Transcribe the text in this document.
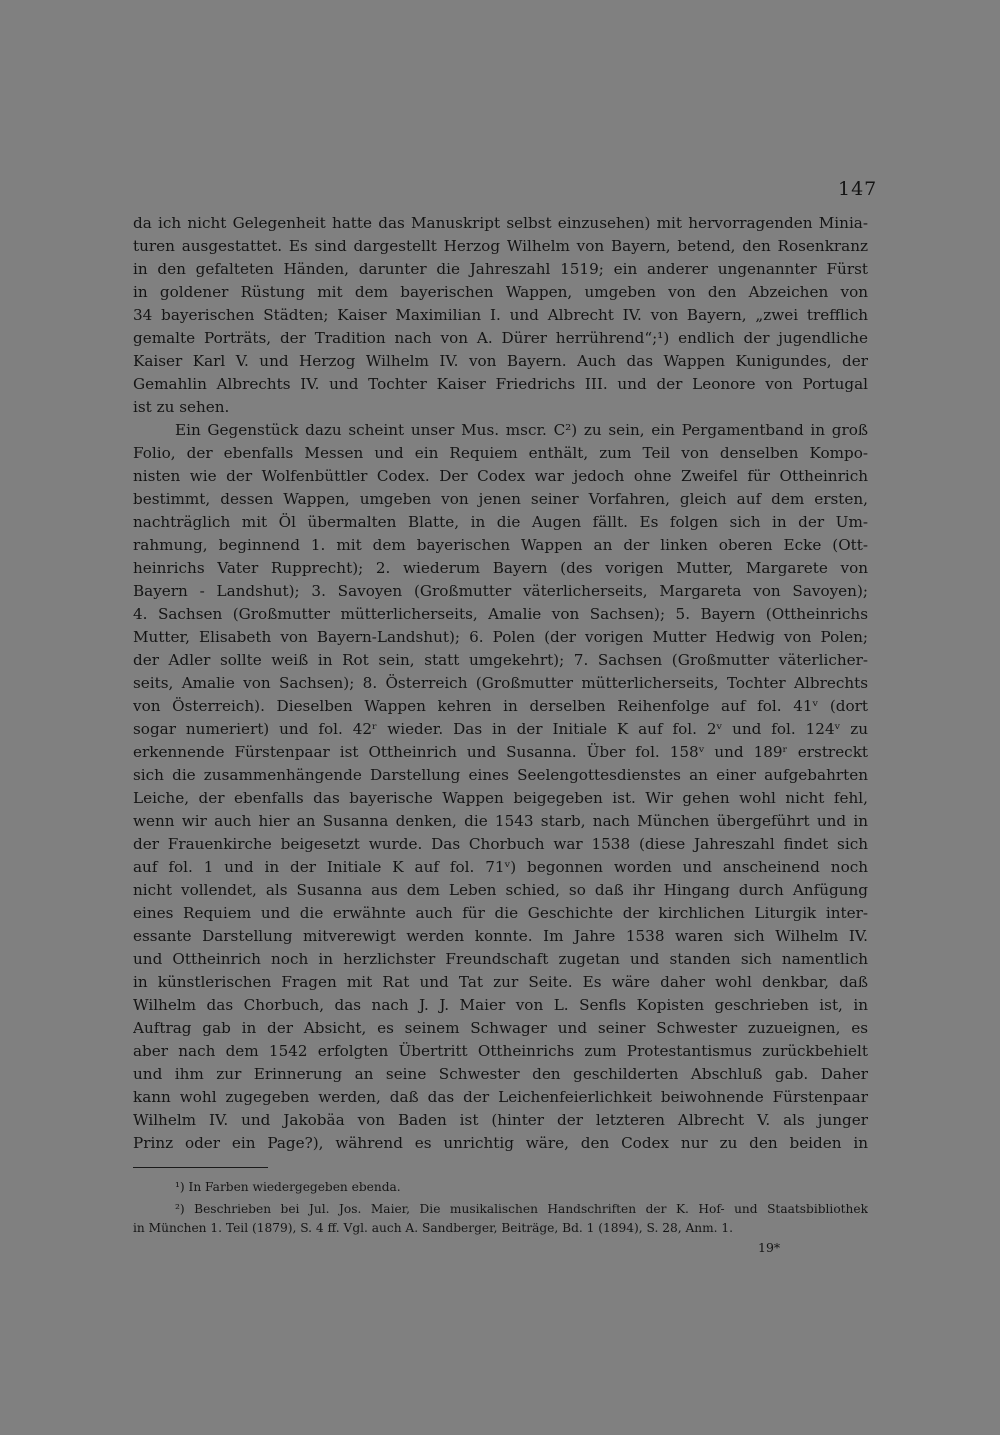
147
da ich nicht Gelegenheit hatte das Manuskript selbst einzusehen) mit hervorragenden Minia-
turen ausgestattet. Es sind dargestellt Herzog Wilhelm von Bayern, betend, den Rosenkranz
in den gefalteten Händen, darunter die Jahreszahl 1519; ein anderer ungenannter Fürst
in goldener Rüstung mit dem bayerischen Wappen, umgeben von den Abzeichen von
34 bayerischen Städten; Kaiser Maximilian I. und Albrecht IV. von Bayern, „zwei trefflich
gemalte Porträts, der Tradition nach von A. Dürer herrührend“;¹) endlich der jugendliche
Kaiser Karl V. und Herzog Wilhelm IV. von Bayern. Auch das Wappen Kunigundes, der
Gemahlin Albrechts IV. und Tochter Kaiser Friedrichs III. und der Leonore von Portugal
ist zu sehen.
Ein Gegenstück dazu scheint unser Mus. mscr. C²) zu sein, ein Pergamentband in groß
Folio, der ebenfalls Messen und ein Requiem enthält, zum Teil von denselben Kompo-
nisten wie der Wolfenbüttler Codex. Der Codex war jedoch ohne Zweifel für Ottheinrich
bestimmt, dessen Wappen, umgeben von jenen seiner Vorfahren, gleich auf dem ersten,
nachträglich mit Öl übermalten Blatte, in die Augen fällt. Es folgen sich in der Um-
rahmung, beginnend 1. mit dem bayerischen Wappen an der linken oberen Ecke (Ott-
heinrichs Vater Rupprecht); 2. wiederum Bayern (des vorigen Mutter, Margarete von
Bayern - Landshut); 3. Savoyen (Großmutter väterlicherseits, Margareta von Savoyen);
4. Sachsen (Großmutter mütterlicherseits, Amalie von Sachsen); 5. Bayern (Ottheinrichs
Mutter, Elisabeth von Bayern-Landshut); 6. Polen (der vorigen Mutter Hedwig von Polen;
der Adler sollte weiß in Rot sein, statt umgekehrt); 7. Sachsen (Großmutter väterlicher-
seits, Amalie von Sachsen); 8. Österreich (Großmutter mütterlicherseits, Tochter Albrechts
von Österreich). Dieselben Wappen kehren in derselben Reihenfolge auf fol. 41ᵛ (dort
sogar numeriert) und fol. 42ʳ wieder. Das in der Initiale K auf fol. 2ᵛ und fol. 124ᵛ zu
erkennende Fürstenpaar ist Ottheinrich und Susanna. Über fol. 158ᵛ und 189ʳ erstreckt
sich die zusammenhängende Darstellung eines Seelengottesdienstes an einer aufgebahrten
Leiche, der ebenfalls das bayerische Wappen beigegeben ist. Wir gehen wohl nicht fehl,
wenn wir auch hier an Susanna denken, die 1543 starb, nach München übergeführt und in
der Frauenkirche beigesetzt wurde. Das Chorbuch war 1538 (diese Jahreszahl findet sich
auf fol. 1 und in der Initiale K auf fol. 71ᵛ) begonnen worden und anscheinend noch
nicht vollendet, als Susanna aus dem Leben schied, so daß ihr Hingang durch Anfügung
eines Requiem und die erwähnte auch für die Geschichte der kirchlichen Liturgik inter-
essante Darstellung mitverewigt werden konnte. Im Jahre 1538 waren sich Wilhelm IV.
und Ottheinrich noch in herzlichster Freundschaft zugetan und standen sich namentlich
in künstlerischen Fragen mit Rat und Tat zur Seite. Es wäre daher wohl denkbar, daß
Wilhelm das Chorbuch, das nach J. J. Maier von L. Senfls Kopisten geschrieben ist, in
Auftrag gab in der Absicht, es seinem Schwager und seiner Schwester zuzueignen, es
aber nach dem 1542 erfolgten Übertritt Ottheinrichs zum Protestantismus zurückbehielt
und ihm zur Erinnerung an seine Schwester den geschilderten Abschluß gab. Daher
kann wohl zugegeben werden, daß das der Leichenfeierlichkeit beiwohnende Fürstenpaar
Wilhelm IV. und Jakobäa von Baden ist (hinter der letzteren Albrecht V. als junger
Prinz oder ein Page?), während es unrichtig wäre, den Codex nur zu den beiden in
¹) In Farben wiedergegeben ebenda.
²) Beschrieben bei Jul. Jos. Maier, Die musikalischen Handschriften der K. Hof- und Staatsbibliothek
in München 1. Teil (1879), S. 4 ff. Vgl. auch A. Sandberger, Beiträge, Bd. 1 (1894), S. 28, Anm. 1.
19*
